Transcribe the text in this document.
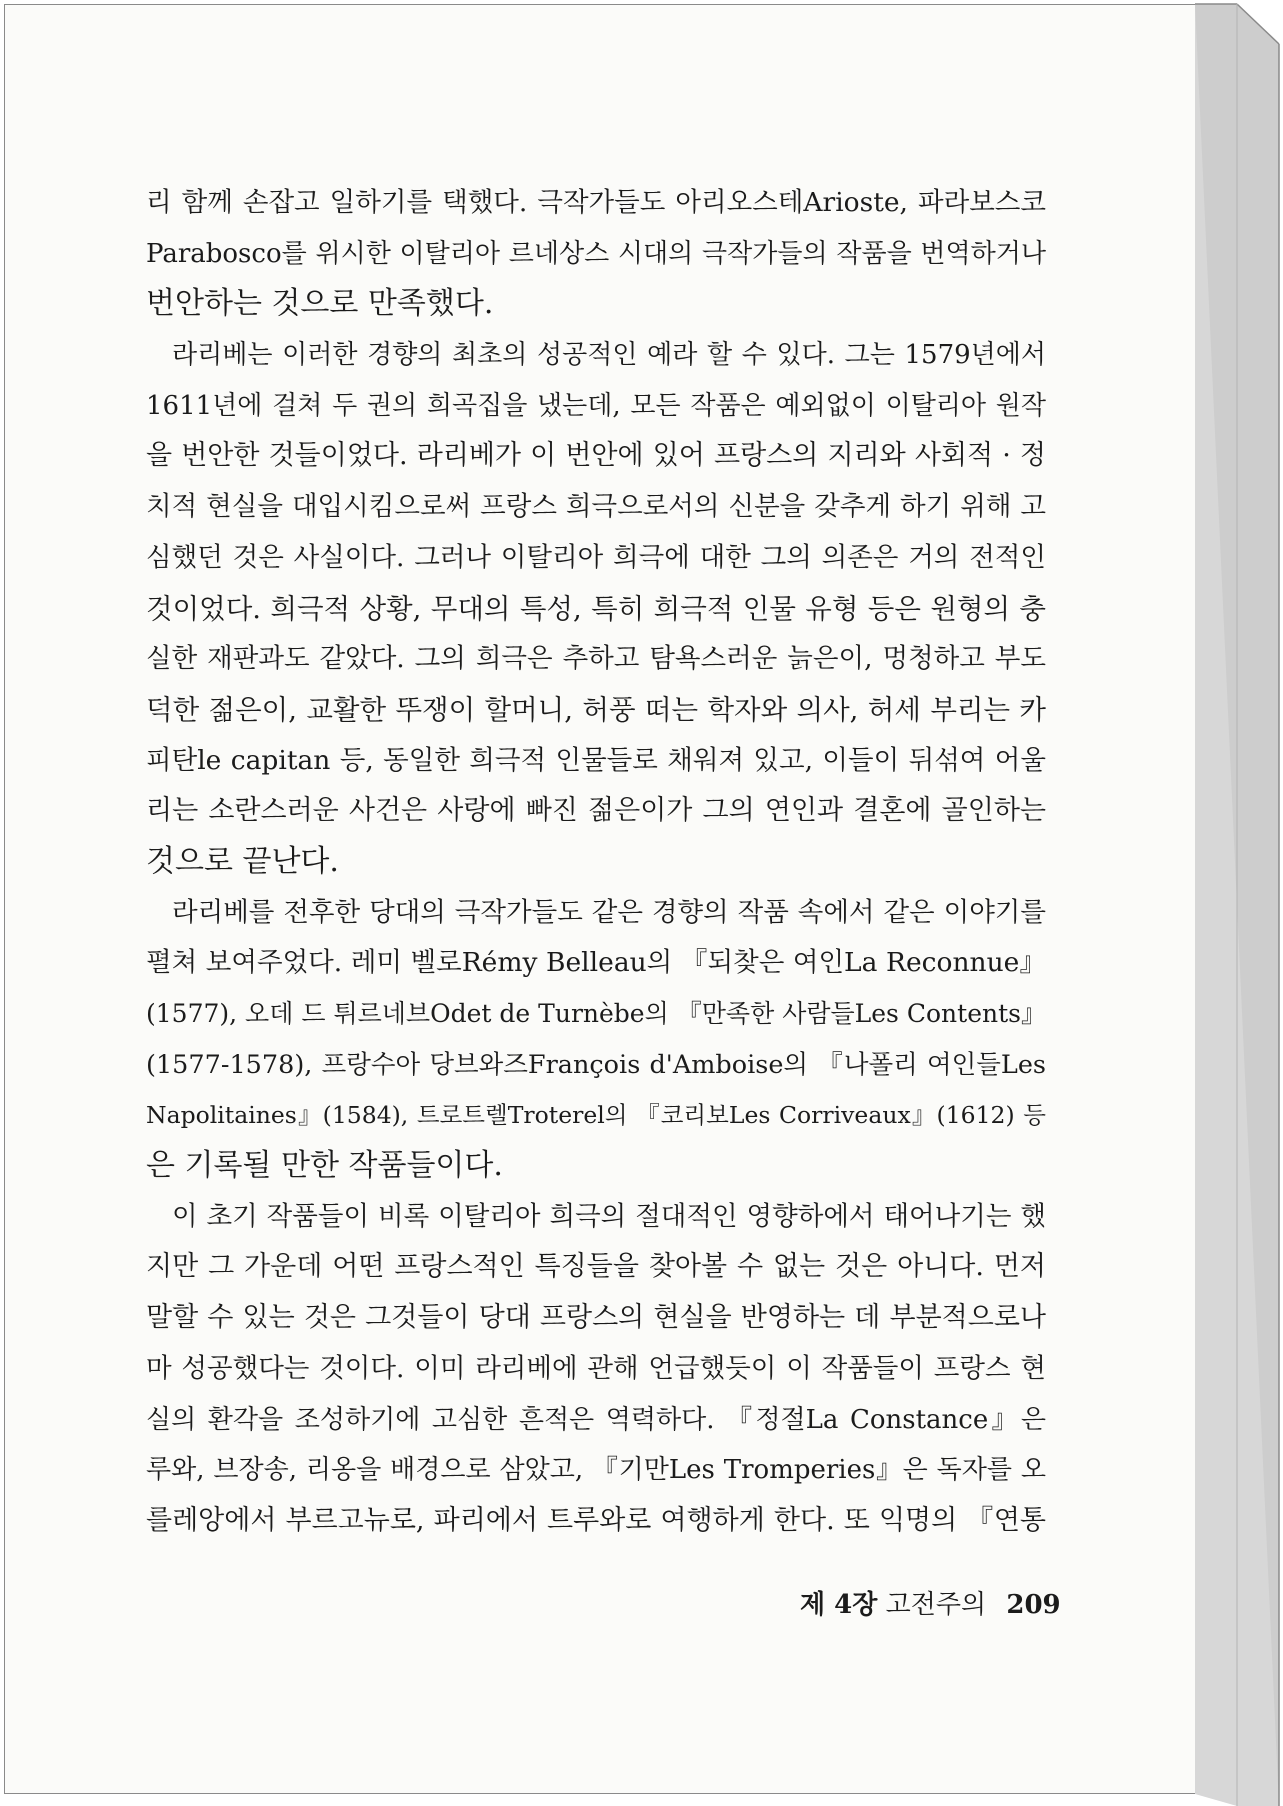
리 함께 손잡고 일하기를 택했다. 극작가들도 아리오스테Arioste, 파라보스코
Parabosco를 위시한 이탈리아 르네상스 시대의 극작가들의 작품을 번역하거나
번안하는 것으로 만족했다.
라리베는 이러한 경향의 최초의 성공적인 예라 할 수 있다. 그는 1579년에서
1611년에 걸쳐 두 권의 희곡집을 냈는데, 모든 작품은 예외없이 이탈리아 원작
을 번안한 것들이었다. 라리베가 이 번안에 있어 프랑스의 지리와 사회적 · 정
치적 현실을 대입시킴으로써 프랑스 희극으로서의 신분을 갖추게 하기 위해 고
심했던 것은 사실이다. 그러나 이탈리아 희극에 대한 그의 의존은 거의 전적인
것이었다. 희극적 상황, 무대의 특성, 특히 희극적 인물 유형 등은 원형의 충
실한 재판과도 같았다. 그의 희극은 추하고 탐욕스러운 늙은이, 멍청하고 부도
덕한 젊은이, 교활한 뚜쟁이 할머니, 허풍 떠는 학자와 의사, 허세 부리는 카
피탄le capitan 등, 동일한 희극적 인물들로 채워져 있고, 이들이 뒤섞여 어울
리는 소란스러운 사건은 사랑에 빠진 젊은이가 그의 연인과 결혼에 골인하는
것으로 끝난다.
라리베를 전후한 당대의 극작가들도 같은 경향의 작품 속에서 같은 이야기를
펼쳐 보여주었다. 레미 벨로Rémy Belleau의 『되찾은 여인La Reconnue』
(1577), 오데 드 튀르네브Odet de Turnèbe의 『만족한 사람들Les Contents』
(1577-1578), 프랑수아 당브와즈François d'Amboise의 『나폴리 여인들Les
Napolitaines』(1584), 트로트렐Troterel의 『코리보Les Corriveaux』(1612) 등
은 기록될 만한 작품들이다.
이 초기 작품들이 비록 이탈리아 희극의 절대적인 영향하에서 태어나기는 했
지만 그 가운데 어떤 프랑스적인 특징들을 찾아볼 수 없는 것은 아니다. 먼저
말할 수 있는 것은 그것들이 당대 프랑스의 현실을 반영하는 데 부분적으로나
마 성공했다는 것이다. 이미 라리베에 관해 언급했듯이 이 작품들이 프랑스 현
실의 환각을 조성하기에 고심한 흔적은 역력하다. 『정절La Constance』은
루와, 브장송, 리옹을 배경으로 삼았고, 『기만Les Tromperies』은 독자를 오
를레앙에서 부르고뉴로, 파리에서 트루와로 여행하게 한다. 또 익명의 『연통
제 4장 고전주의 209
